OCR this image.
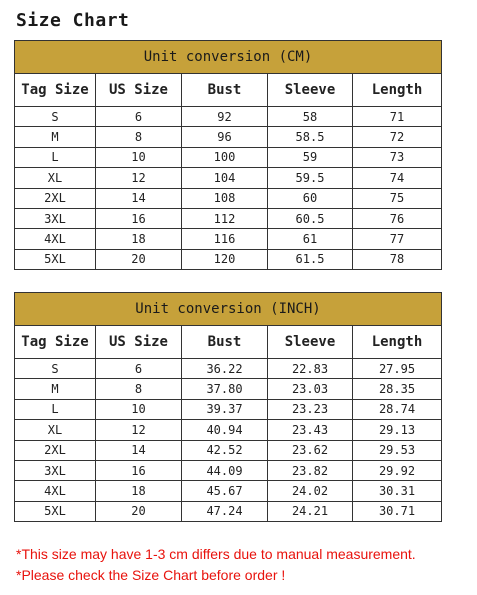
Size Chart
Unit conversion (CM)				
Tag Size	US Size	Bust	Sleeve	Length
S	6	92	58	71
M	8	96	58.5	72
L	10	100	59	73
XL	12	104	59.5	74
2XL	14	108	60	75
3XL	16	112	60.5	76
4XL	18	116	61	77
5XL	20	120	61.5	78
Unit conversion (INCH)				
Tag Size	US Size	Bust	Sleeve	Length
S	6	36.22	22.83	27.95
M	8	37.80	23.03	28.35
L	10	39.37	23.23	28.74
XL	12	40.94	23.43	29.13
2XL	14	42.52	23.62	29.53
3XL	16	44.09	23.82	29.92
4XL	18	45.67	24.02	30.31
5XL	20	47.24	24.21	30.71
*This size may have 1-3 cm differs due to manual measurement.
*Please check the Size Chart before order !
